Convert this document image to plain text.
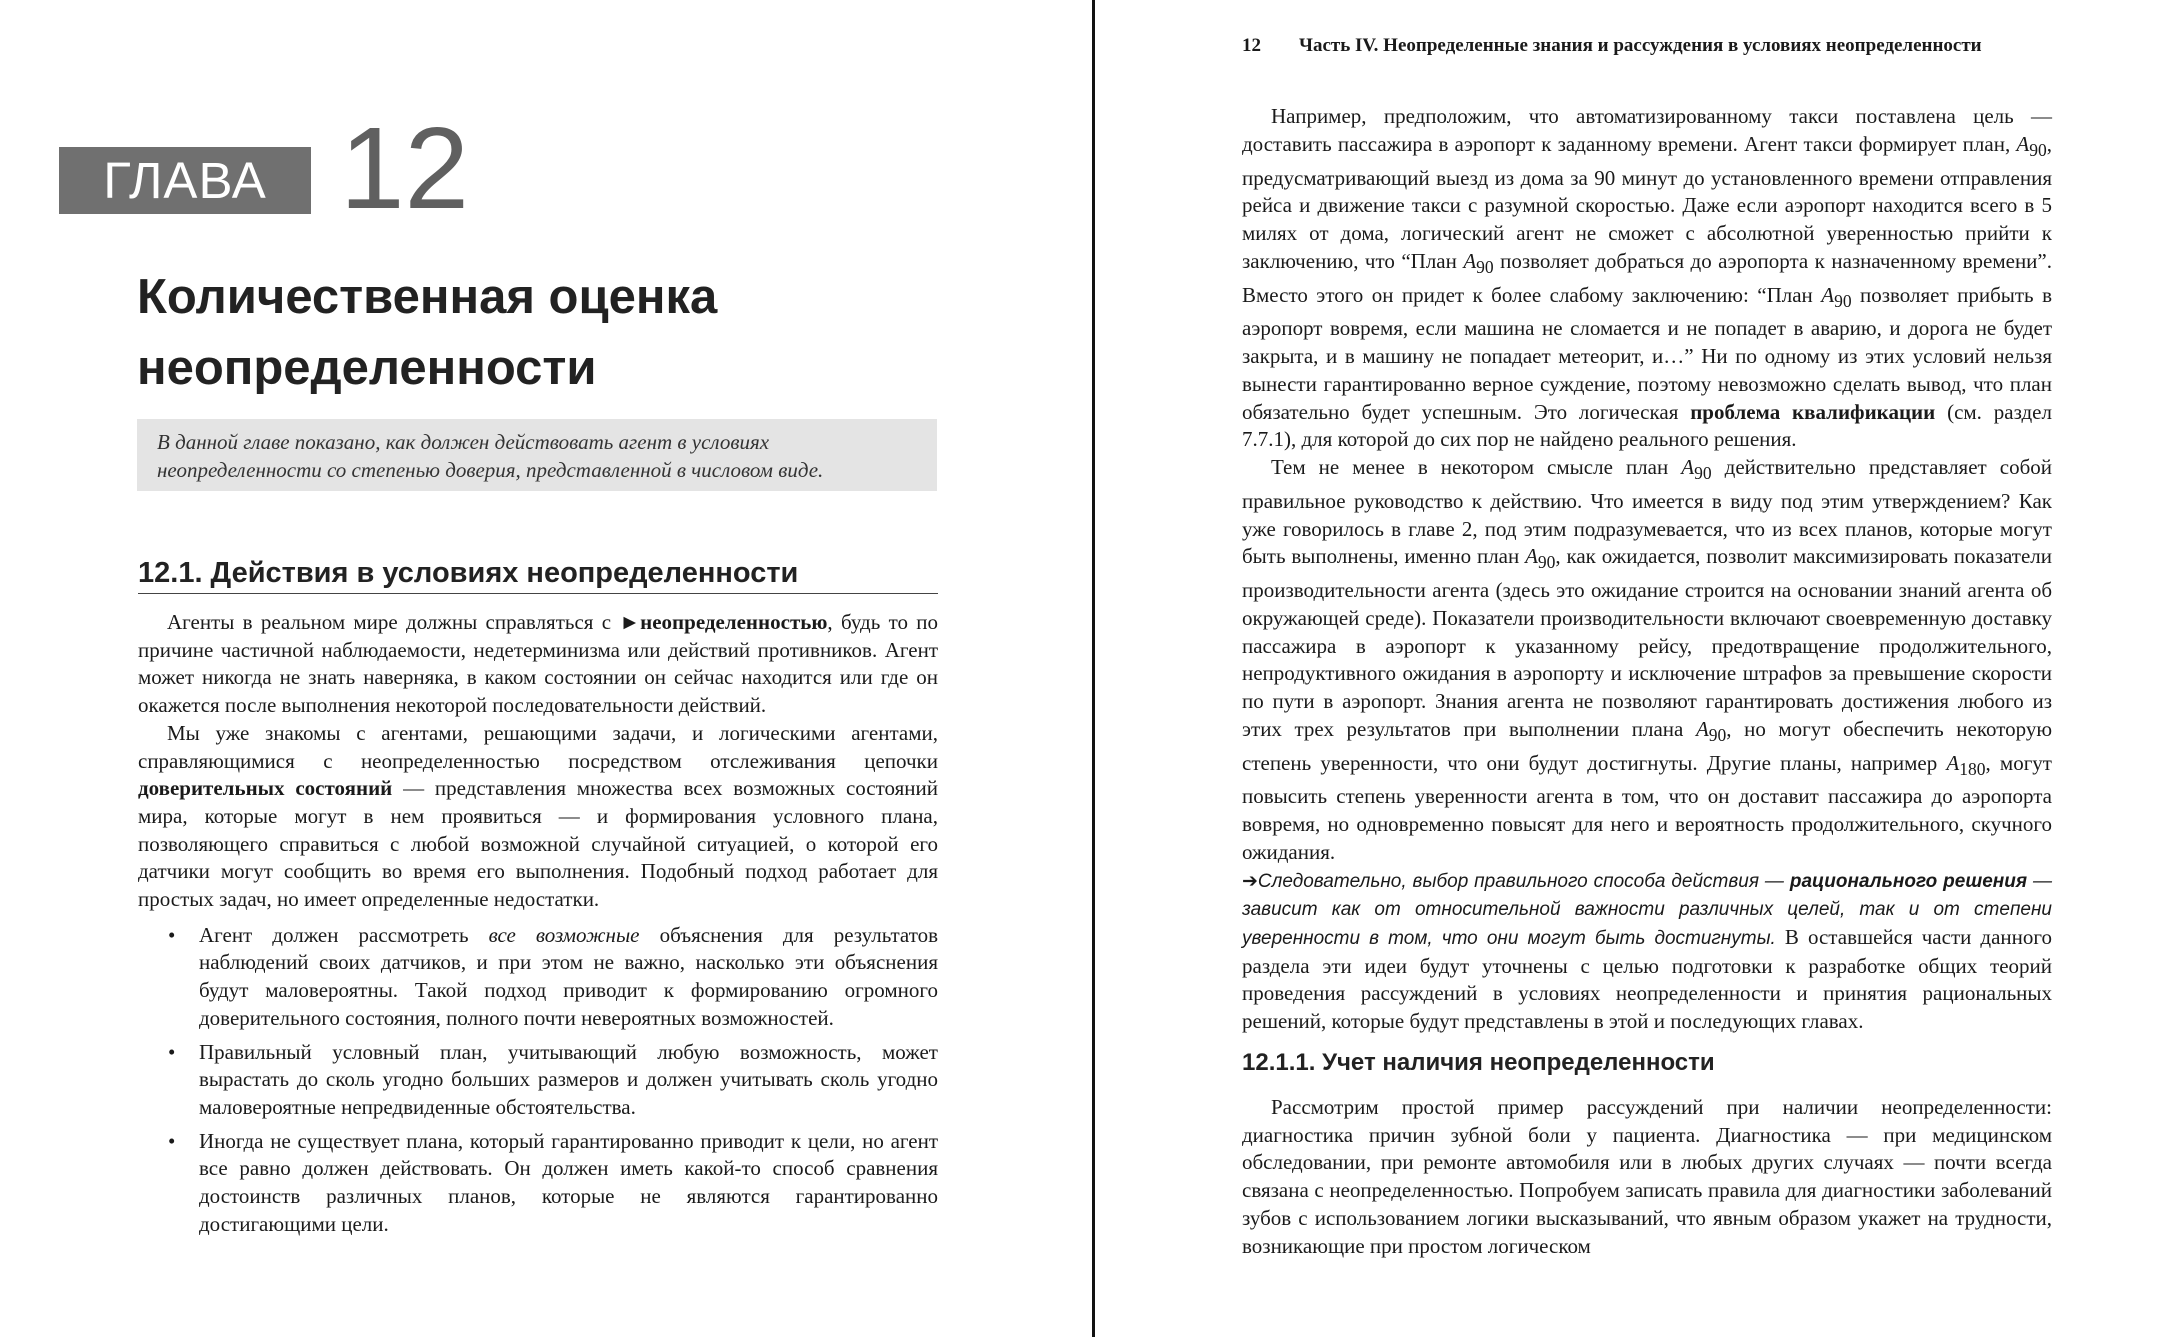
ГЛАВА 12
Количественная оценка
неопределенности
В данной главе показано, как должен действовать агент в условиях неопределенности со степенью доверия, представленной в числовом виде.
12.1. Действия в условиях неопределенности

Агенты в реальном мире должны справляться с ►неопределенностью, будь то по причине частичной наблюдаемости, недетерминизма или действий противников. Агент может никогда не знать наверняка, в каком состоянии он сейчас находится или где он окажется после выполнения некоторой последовательности действий.

Мы уже знакомы с агентами, решающими задачи, и логическими агентами, справляющимися с неопределенностью посредством отслеживания цепочки доверительных состояний — представления множества всех возможных состояний мира, которые могут в нем проявиться — и формирования условного плана, позволяющего справиться с любой возможной случайной ситуацией, о которой его датчики могут сообщить во время его выполнения. Подобный подход работает для простых задач, но имеет определенные недостатки.

• Агент должен рассмотреть все возможные объяснения для результатов наблюдений своих датчиков, и при этом не важно, насколько эти объяснения будут маловероятны. Такой подход приводит к формированию огромного доверительного состояния, полного почти невероятных возможностей.
• Правильный условный план, учитывающий любую возможность, может вырастать до сколь угодно больших размеров и должен учитывать сколь угодно маловероятные непредвиденные обстоятельства.
• Иногда не существует плана, который гарантированно приводит к цели, но агент все равно должен действовать. Он должен иметь какой-то способ сравнения достоинств различных планов, которые не являются гарантированно достигающими цели.
12 Часть IV. Неопределенные знания и рассуждения в условиях неопределенности

Например, предположим, что автоматизированному такси поставлена цель — доставить пассажира в аэропорт к заданному времени. Агент такси формирует план, $A_{90}$, предусматривающий выезд из дома за 90 минут до установленного времени отправления рейса и движение такси с разумной скоростью. Даже если аэропорт находится всего в 5 милях от дома, логический агент не сможет с абсолютной уверенностью прийти к заключению, что “План $A_{90}$ позволяет добраться до аэропорта к назначенному времени”. Вместо этого он придет к более слабому заключению: “План $A_{90}$ позволяет прибыть в аэропорт вовремя, если машина не сломается и не попадет в аварию, и дорога не будет закрыта, и в машину не попадает метеорит, и…” Ни по одному из этих условий нельзя вынести гарантированно верное суждение, поэтому невозможно сделать вывод, что план обязательно будет успешным. Это логическая проблема квалификации (см. раздел 7.7.1), для которой до сих пор не найдено реального решения.

Тем не менее в некотором смысле план $A_{90}$ действительно представляет собой правильное руководство к действию. Что имеется в виду под этим утверждением? Как уже говорилось в главе 2, под этим подразумевается, что из всех планов, которые могут быть выполнены, именно план $A_{90}$, как ожидается, позволит максимизировать показатели производительности агента (здесь это ожидание строится на основании знаний агента об окружающей среде). Показатели производительности включают своевременную доставку пассажира в аэропорт к указанному рейсу, предотвращение продолжительного, непродуктивного ожидания в аэропорту и исключение штрафов за превышение скорости по пути в аэропорт. Знания агента не позволяют гарантировать достижения любого из этих трех результатов при выполнении плана $A_{90}$, но могут обеспечить некоторую степень уверенности, что они будут достигнуты. Другие планы, например $A_{180}$, могут повысить степень уверенности агента в том, что он доставит пассажира до аэропорта вовремя, но одновременно повысят для него и вероятность продолжительного, скучного ожидания.
➔Следовательно, выбор правильного способа действия — рационального решения — зависит как от относительной важности различных целей, так и от степени уверенности в том, что они могут быть достигнуты. В оставшейся части данного раздела эти идеи будут уточнены с целью подготовки к разработке общих теорий проведения рассуждений в условиях неопределенности и принятия рациональных решений, которые будут представлены в этой и последующих главах.

12.1.1. Учет наличия неопределенности

Рассмотрим простой пример рассуждений при наличии неопределенности: диагностика причин зубной боли у пациента. Диагностика — при медицинском обследовании, при ремонте автомобиля или в любых других случаях — почти всегда связана с неопределенностью. Попробуем записать правила для диагностики заболеваний зубов с использованием логики высказываний, что явным образом укажет на трудности, возникающие при простом логическом
